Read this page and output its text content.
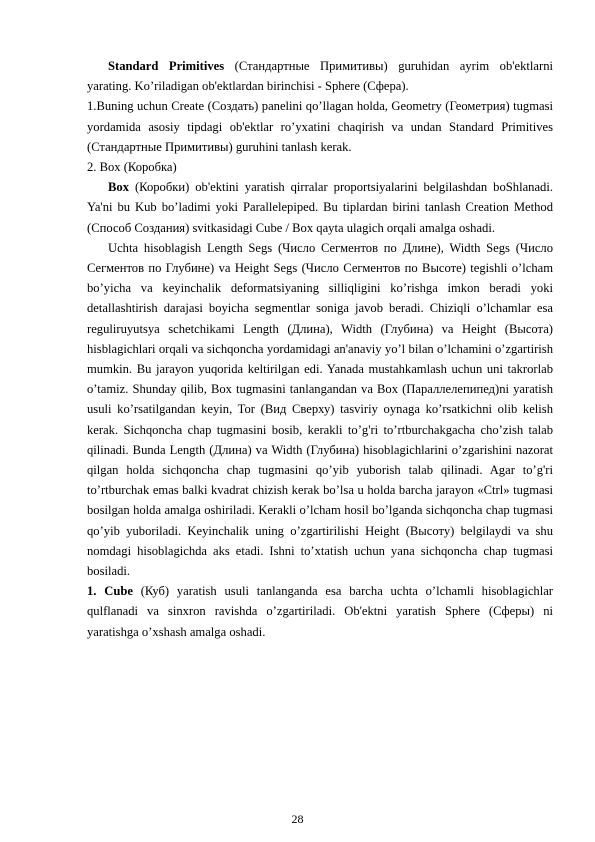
Standard Primitives (Стандартные Примитивы) guruhidan ayrim ob'ektlarni yarating. Ko’riladigan ob'ektlardan birinchisi - Sphere (Сфера).

1.Buning uchun Create (Создать) panelini qo’llagan holda, Geometry (Геометрия) tugmasi yordamida asosiy tipdagi ob'ektlar ro’yxatini chaqirish va undan Standard Primitives (Стандартные Примитивы) guruhini tanlash kerak.

2. Box (Коробка)

Box (Коробки) ob'ektini yaratish qirralar proportsiyalarini belgilashdan boShlanadi. Ya'ni bu Kub bo’ladimi yoki Parallelepiped. Bu tiplardan birini tanlash Creation Method (Способ Создания) svitkasidagi Cube / Box qayta ulagich orqali amalga oshadi.

Uchta hisoblagish Length Segs (Число Сегментов по Длине), Width Segs (Число Сегментов по Глубине) va Height Segs (Число Сегментов по Высоте) tegishli o’lcham bo’yicha va keyinchalik deformatsiyaning silliqligini ko’rishga imkon beradi yoki detallashtirish darajasi boyicha segmentlar soniga javob beradi. Chiziqli o’lchamlar esa reguliruyutsya schetchikami Length (Длина), Width (Глубина) va Height (Высота) hisblagichlari orqali va sichqoncha yordamidagi an'anaviy yo’l bilan o’lchamini o’zgartirish mumkin. Bu jarayon yuqorida keltirilgan edi. Yanada mustahkamlash uchun uni takrorlab o’tamiz. Shunday qilib, Box tugmasini tanlangandan va Box (Параллелепипед)ni yaratish usuli ko’rsatilgandan keyin, Tor (Вид Сверху) tasviriy oynaga ko’rsatkichni olib kelish kerak. Sichqoncha chap tugmasini bosib, kerakli to’g'ri to’rtburchakgacha cho’zish talab qilinadi. Bunda Length (Длина) va Width (Глубина) hisoblagichlarini o’zgarishini nazorat qilgan holda sichqoncha chap tugmasini qo’yib yuborish talab qilinadi. Agar to’g'ri to’rtburchak emas balki kvadrat chizish kerak bo’lsa u holda barcha jarayon «Ctrl» tugmasi bosilgan holda amalga oshiriladi. Kerakli o’lcham hosil bo’lganda sichqoncha chap tugmasi qo’yib yuboriladi. Keyinchalik uning o’zgartirilishi Height (Высоту) belgilaydi va shu nomdagi hisoblagichda aks etadi. Ishni to’xtatish uchun yana sichqoncha chap tugmasi bosiladi.

1. Cube (Куб) yaratish usuli tanlanganda esa barcha uchta o’lchamli hisoblagichlar qulflanadi va sinxron ravishda o’zgartiriladi. Ob'ektni yaratish Sphere (Сферы) ni yaratishga o’xshash amalga oshadi.

28
